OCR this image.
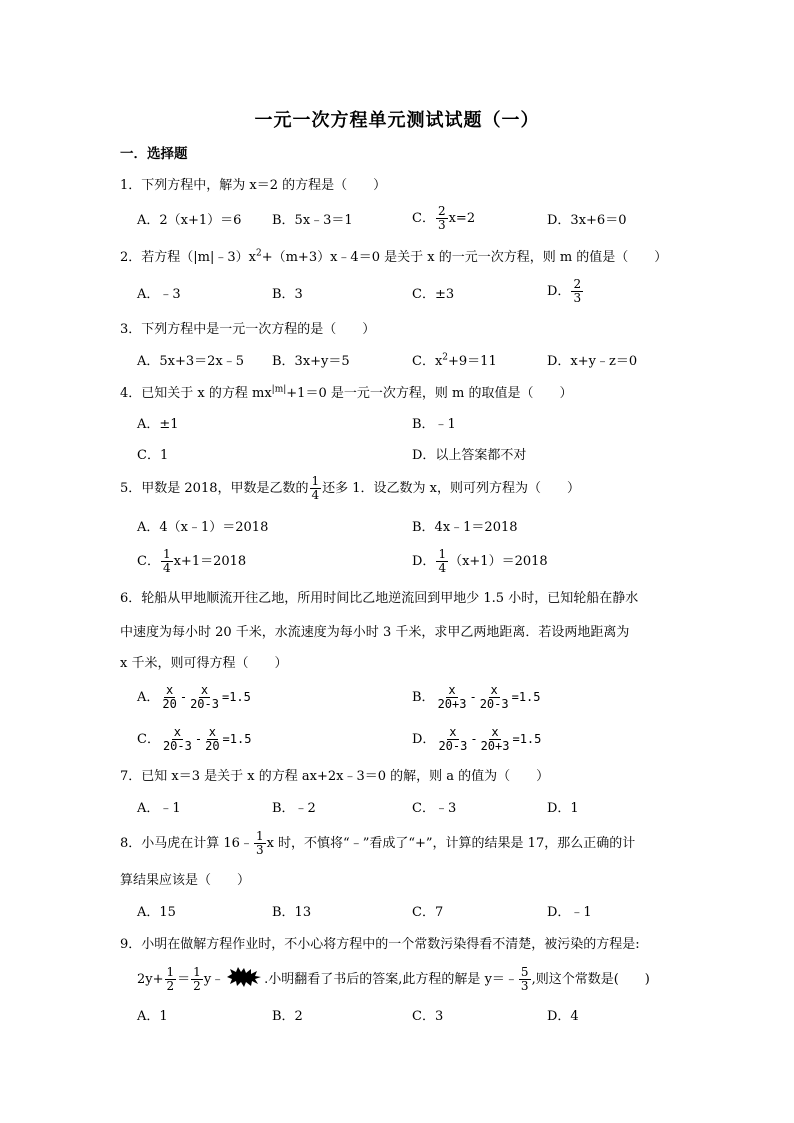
一元一次方程单元测试试题（一）
一．选择题
1．下列方程中，解为 x＝2 的方程是（　　）
A．2（x+1）＝6 B．5x﹣3＝1	C． $\frac{2}{3} x=2$	D．3x+6＝0
2．若方程$(|m|﹣3)x^2+(m+3)x﹣4=0$ 是关于 x 的一元一次方程，则 m 的值是（　　）
A．﹣3	B．3	C．±3	D． $\frac{2}{3}$
3．下列方程中是一元一次方程的是（　　）
A．5x+3＝2x﹣5 B．3x+y＝5	C．$x^2+9=11$	D．x+y﹣z＝0
4．已知关于 x 的方程 $mx^{|m|}+1=0$ 是一元一次方程，则 m 的取值是（　　）
A．±1	B．﹣1
C．1	D．以上答案都不对
5．甲数是 2018，甲数是乙数的 $\frac{1}{4}$ 还多 1．设乙数为 x，则可列方程为（　　）
A．4（x﹣1）＝2018	B．4x﹣1＝2018
C． $\frac{1}{4} x+1=2018$	D． $\frac{1}{4} (x+1)=2018$
6．轮船从甲地顺流开往乙地，所用时间比乙地逆流回到甲地少 1.5 小时，已知轮船在静水
中速度为每小时 20 千米，水流速度为每小时 3 千米，求甲乙两地距离．若设两地距离为
x 千米，则可得方程（　　）
A． $\frac{x}{20} - \frac{x}{20-3} =1.5$	B． $\frac{x}{20+3} - \frac{x}{20-3} =1.5$
C． $\frac{x}{20-3} - \frac{x}{20} =1.5$	D． $\frac{x}{20-3} - \frac{x}{20+3} =1.5$
7．已知 x＝3 是关于 x 的方程 ax+2x﹣3＝0 的解，则 a 的值为（　　）
A．﹣1	B．﹣2	C．﹣3	D．1
8．小马虎在计算 16﹣ $\frac{1}{3}$ x 时，不慎将“﹣”看成了“+”，计算的结果是 17，那么正确的计
算结果应该是（　　）
A．15	B．13	C．7	D．﹣1
9．小明在做解方程作业时，不小心将方程中的一个常数污染得看不清楚，被污染的方程是:
$2y+ \frac{1}{2} = \frac{1}{2}$ y﹣	.小明翻看了书后的答案,此方程的解是 y＝﹣ $\frac{5}{3}$ ,则这个常数是(　　)
A．1	B．2	C．3	D．4
